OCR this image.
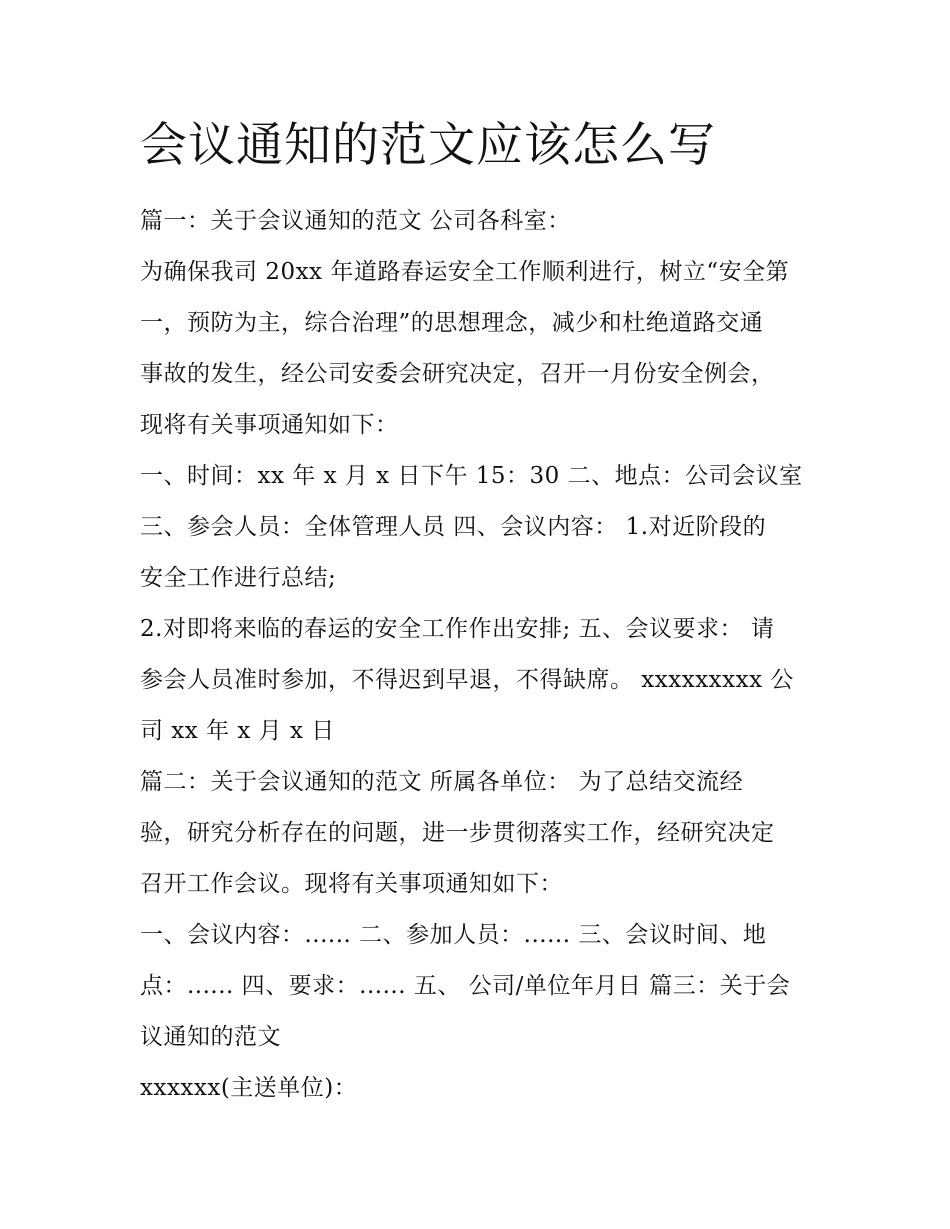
会议通知的范文应该怎么写
篇一：关于会议通知的范文 公司各科室：
为确保我司 20xx 年道路春运安全工作顺利进行，树立“安全第
一，预防为主，综合治理”的思想理念，减少和杜绝道路交通
事故的发生，经公司安委会研究决定，召开一月份安全例会，
现将有关事项通知如下：
一、时间：xx 年 x 月 x 日下午 15：30 二、地点：公司会议室
三、参会人员：全体管理人员 四、会议内容： 1.对近阶段的
安全工作进行总结;
2.对即将来临的春运的安全工作作出安排; 五、会议要求： 请
参会人员准时参加，不得迟到早退，不得缺席。 xxxxxxxxx 公
司 xx 年 x 月 x 日
篇二：关于会议通知的范文 所属各单位： 为了总结交流经
验，研究分析存在的问题，进一步贯彻落实工作，经研究决定
召开工作会议。现将有关事项通知如下：
一、会议内容：...... 二、参加人员：...... 三、会议时间、地
点：...... 四、要求：...... 五、 公司/单位年月日 篇三：关于会
议通知的范文
xxxxxx(主送单位)：
